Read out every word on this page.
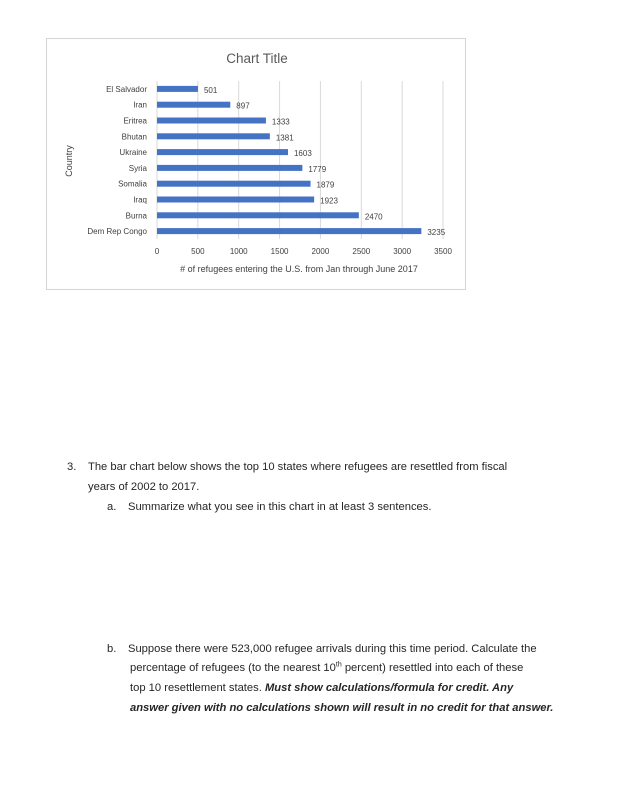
Chart Title
El Salvador
Iran
Eritrea
Bhutan
Ukraine
Syria
Somalia
Iraq
Burna
Dem Rep Congo
501
897
1333
1381
1603
1779
1879
1923
2470
3235
0	500	1000	1500	2000	2500	3000	3500
# of refugees entering the U.S. from Jan through June 2017
Country
3. The bar chart below shows the top 10 states where refugees are resettled from fiscal
years of 2002 to 2017.
a. Summarize what you see in this chart in at least 3 sentences.
b. Suppose there were 523,000 refugee arrivals during this time period. Calculate the
percentage of refugees (to the nearest 10th percent) resettled into each of these
top 10 resettlement states. Must show calculations/formula for credit. Any
answer given with no calculations shown will result in no credit for that answer.
